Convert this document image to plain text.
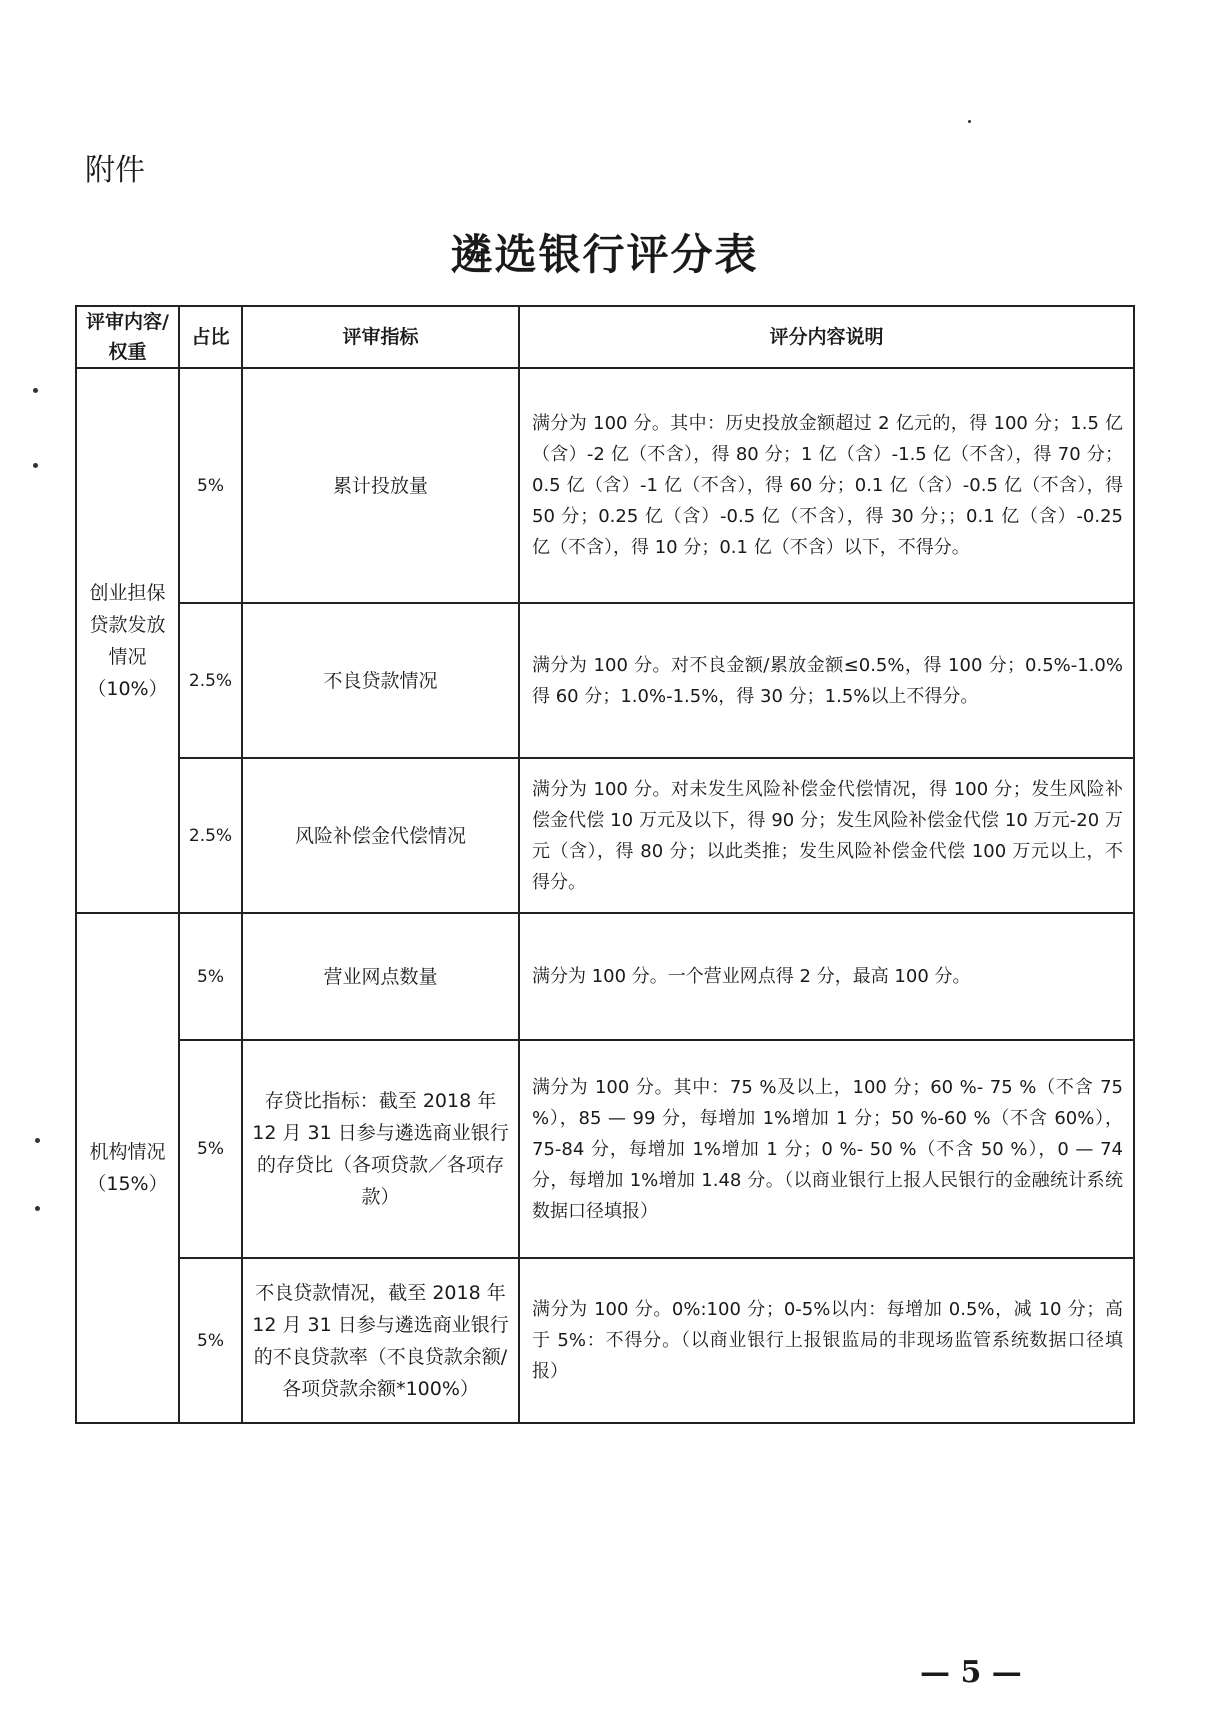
附件
遴选银行评分表
评审内容/权重	占比	评审指标	评分内容说明
创业担保贷款发放情况（10%）	5%	累计投放量	满分为 100 分。其中：历史投放金额超过 2 亿元的，得 100 分；1.5 亿（含）-2 亿（不含），得 80 分；1 亿（含）-1.5 亿（不含），得 70 分；0.5 亿（含）-1 亿（不含），得 60 分；0.1 亿（含）-0.5 亿（不含），得 50 分；0.25 亿（含）-0.5 亿（不含），得 30 分；；0.1 亿（含）-0.25 亿（不含），得 10 分；0.1 亿（不含）以下，不得分。
	2.5%	不良贷款情况	满分为 100 分。对不良金额/累放金额≤0.5%，得 100 分；0.5%-1.0%得 60 分；1.0%-1.5%，得 30 分；1.5%以上不得分。
	2.5%	风险补偿金代偿情况	满分为 100 分。对未发生风险补偿金代偿情况，得 100 分；发生风险补偿金代偿 10 万元及以下，得 90 分；发生风险补偿金代偿 10 万元-20 万元（含），得 80 分；以此类推；发生风险补偿金代偿 100 万元以上，不得分。
机构情况（15%）	5%	营业网点数量	满分为 100 分。一个营业网点得 2 分，最高 100 分。
	5%	存贷比指标：截至 2018 年 12 月 31 日参与遴选商业银行的存贷比（各项贷款／各项存款）	满分为 100 分。其中：75 %及以上，100 分；60 %- 75 %（不含 75 %），85 — 99 分，每增加 1%增加 1 分；50 %-60 %（不含 60%），75-84 分，每增加 1%增加 1 分；0 %- 50 %（不含 50 %），0 — 74 分，每增加 1%增加 1.48 分。（以商业银行上报人民银行的金融统计系统数据口径填报）
	5%	不良贷款情况，截至 2018 年 12 月 31 日参与遴选商业银行的不良贷款率（不良贷款余额/各项贷款余额*100%）	满分为 100 分。0%:100 分；0-5%以内：每增加 0.5%，减 10 分；高于 5%：不得分。（以商业银行上报银监局的非现场监管系统数据口径填报）
— 5 —
